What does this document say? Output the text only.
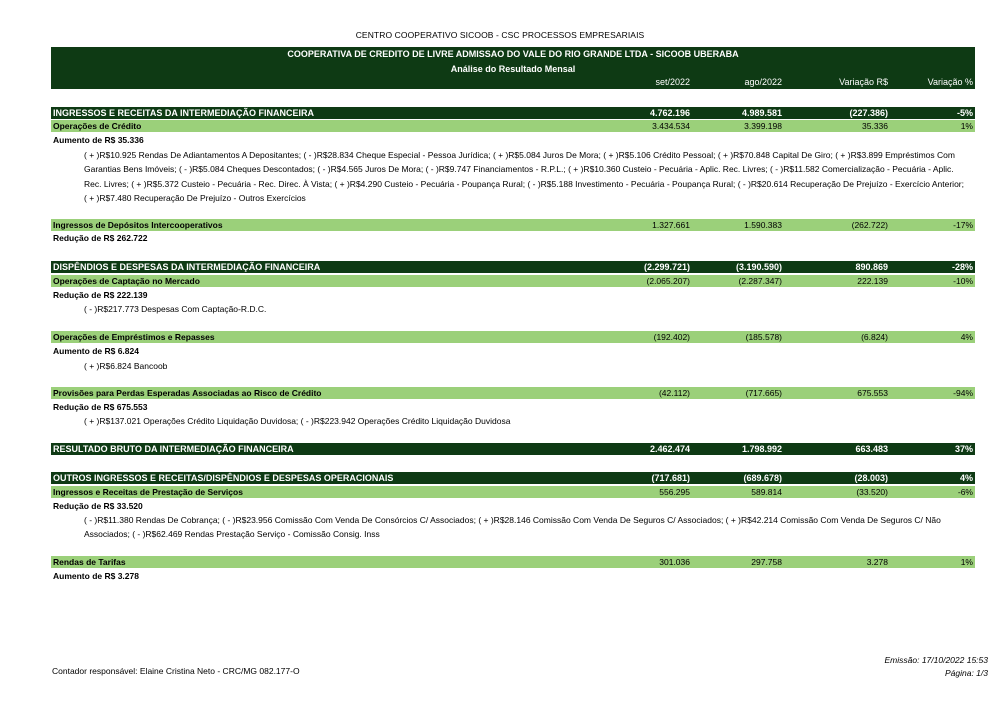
CENTRO COOPERATIVO SICOOB - CSC PROCESSOS EMPRESARIAIS
COOPERATIVA DE CREDITO DE LIVRE ADMISSAO DO VALE DO RIO GRANDE LTDA - SICOOB UBERABA
Análise do Resultado Mensal
set/2022	ago/2022	Variação R$	Variação %
INGRESSOS E RECEITAS DA INTERMEDIAÇÃO FINANCEIRA	4.762.196	4.989.581	(227.386)	-5%
Operações de Crédito	3.434.534	3.399.198	35.336	1%
Aumento de R$ 35.336
( + )R$10.925 Rendas De Adiantamentos A Depositantes; ( - )R$28.834 Cheque Especial - Pessoa Jurídica; ( + )R$5.084 Juros De Mora; ( + )R$5.106 Crédito Pessoal; ( + )R$70.848 Capital De Giro; ( + )R$3.899 Empréstimos Com Garantias Bens Imóveis; ( - )R$5.084 Cheques Descontados; ( - )R$4.565 Juros De Mora; ( - )R$9.747 Financiamentos - R.P.L.; ( + )R$10.360 Custeio - Pecuária - Aplic. Rec. Livres; ( - )R$11.582 Comercialização - Pecuária - Aplic. Rec. Livres; ( + )R$5.372 Custeio - Pecuária - Rec. Direc. À Vista; ( + )R$4.290 Custeio - Pecuária - Poupança Rural; ( - )R$5.188 Investimento - Pecuária - Poupança Rural; ( - )R$20.614 Recuperação De Prejuízo - Exercício Anterior; ( + )R$7.480 Recuperação De Prejuízo - Outros Exercícios
Ingressos de Depósitos Intercooperativos	1.327.661	1.590.383	(262.722)	-17%
Redução de R$ 262.722
DISPÊNDIOS E DESPESAS DA INTERMEDIAÇÃO FINANCEIRA	(2.299.721)	(3.190.590)	890.869	-28%
Operações de Captação no Mercado	(2.065.207)	(2.287.347)	222.139	-10%
Redução de R$ 222.139
( - )R$217.773 Despesas Com Captação-R.D.C.
Operações de Empréstimos e Repasses	(192.402)	(185.578)	(6.824)	4%
Aumento de R$ 6.824
( + )R$6.824 Bancoob
Provisões para Perdas Esperadas Associadas ao Risco de Crédito	(42.112)	(717.665)	675.553	-94%
Redução de R$ 675.553
( + )R$137.021 Operações Crédito Liquidação Duvidosa; ( - )R$223.942 Operações Crédito Liquidação Duvidosa
RESULTADO BRUTO DA INTERMEDIAÇÃO FINANCEIRA	2.462.474	1.798.992	663.483	37%
OUTROS INGRESSOS E RECEITAS/DISPÊNDIOS E DESPESAS OPERACIONAIS	(717.681)	(689.678)	(28.003)	4%
Ingressos e Receitas de Prestação de Serviços	556.295	589.814	(33.520)	-6%
Redução de R$ 33.520
( - )R$11.380 Rendas De Cobrança; ( - )R$23.956 Comissão Com Venda De Consórcios C/ Associados; ( + )R$28.146 Comissão Com Venda De Seguros C/ Associados; ( + )R$42.214 Comissão Com Venda De Seguros C/ Não Associados; ( - )R$62.469 Rendas Prestação Serviço - Comissão Consig. Inss
Rendas de Tarifas	301.036	297.758	3.278	1%
Aumento de R$ 3.278
Contador responsável: Elaine Cristina Neto - CRC/MG 082.177-O
Emissão: 17/10/2022 15:53
Página: 1/3
